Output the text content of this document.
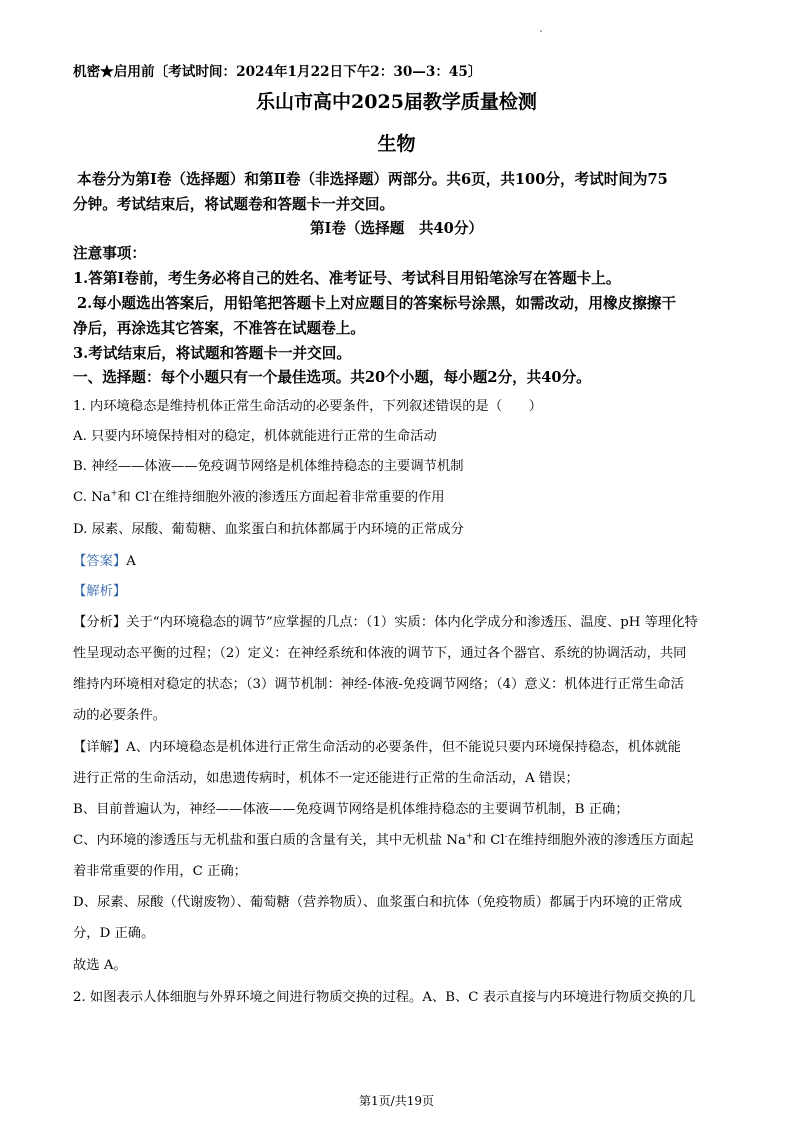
机密★启用前〔考试时间：2024年1月22日下午2：30—3：45〕
乐山市高中2025届教学质量检测
生物
本卷分为第Ⅰ卷（选择题）和第Ⅱ卷（非选择题）两部分。共6页，共100分，考试时间为75
分钟。考试结束后，将试题卷和答题卡一并交回。
第Ⅰ卷（选择题　共40分）
注意事项：
1.答第Ⅰ卷前，考生务必将自己的姓名、准考证号、考试科目用铅笔涂写在答题卡上。
2.每小题选出答案后，用铅笔把答题卡上对应题目的答案标号涂黑，如需改动，用橡皮擦擦干
净后，再涂选其它答案，不准答在试题卷上。
3.考试结束后，将试题和答题卡一并交回。
一、选择题：每个小题只有一个最佳选项。共20个小题，每小题2分，共40分。
1. 内环境稳态是维持机体正常生命活动的必要条件，下列叙述错误的是（　　）
A. 只要内环境保持相对的稳定，机体就能进行正常的生命活动
B. 神经——体液——免疫调节网络是机体维持稳态的主要调节机制
C. Na+和 Cl-在维持细胞外液的渗透压方面起着非常重要的作用
D. 尿素、尿酸、葡萄糖、血浆蛋白和抗体都属于内环境的正常成分
【答案】A
【解析】
【分析】关于“内环境稳态的调节”应掌握的几点：（1）实质：体内化学成分和渗透压、温度、pH 等理化特
性呈现动态平衡的过程；（2）定义：在神经系统和体液的调节下，通过各个器官、系统的协调活动，共同
维持内环境相对稳定的状态；（3）调节机制：神经-体液-免疫调节网络；（4）意义：机体进行正常生命活
动的必要条件。
【详解】A、内环境稳态是机体进行正常生命活动的必要条件，但不能说只要内环境保持稳态，机体就能
进行正常的生命活动，如患遗传病时，机体不一定还能进行正常的生命活动，A 错误；
B、目前普遍认为，神经——体液——免疫调节网络是机体维持稳态的主要调节机制，B 正确；
C、内环境的渗透压与无机盐和蛋白质的含量有关，其中无机盐 Na+和 Cl-在维持细胞外液的渗透压方面起
着非常重要的作用，C 正确；
D、尿素、尿酸（代谢废物）、葡萄糖（营养物质）、血浆蛋白和抗体（免疫物质）都属于内环境的正常成
分，D 正确。
故选 A。
2. 如图表示人体细胞与外界环境之间进行物质交换的过程。A、B、C 表示直接与内环境进行物质交换的几
第1页/共19页
